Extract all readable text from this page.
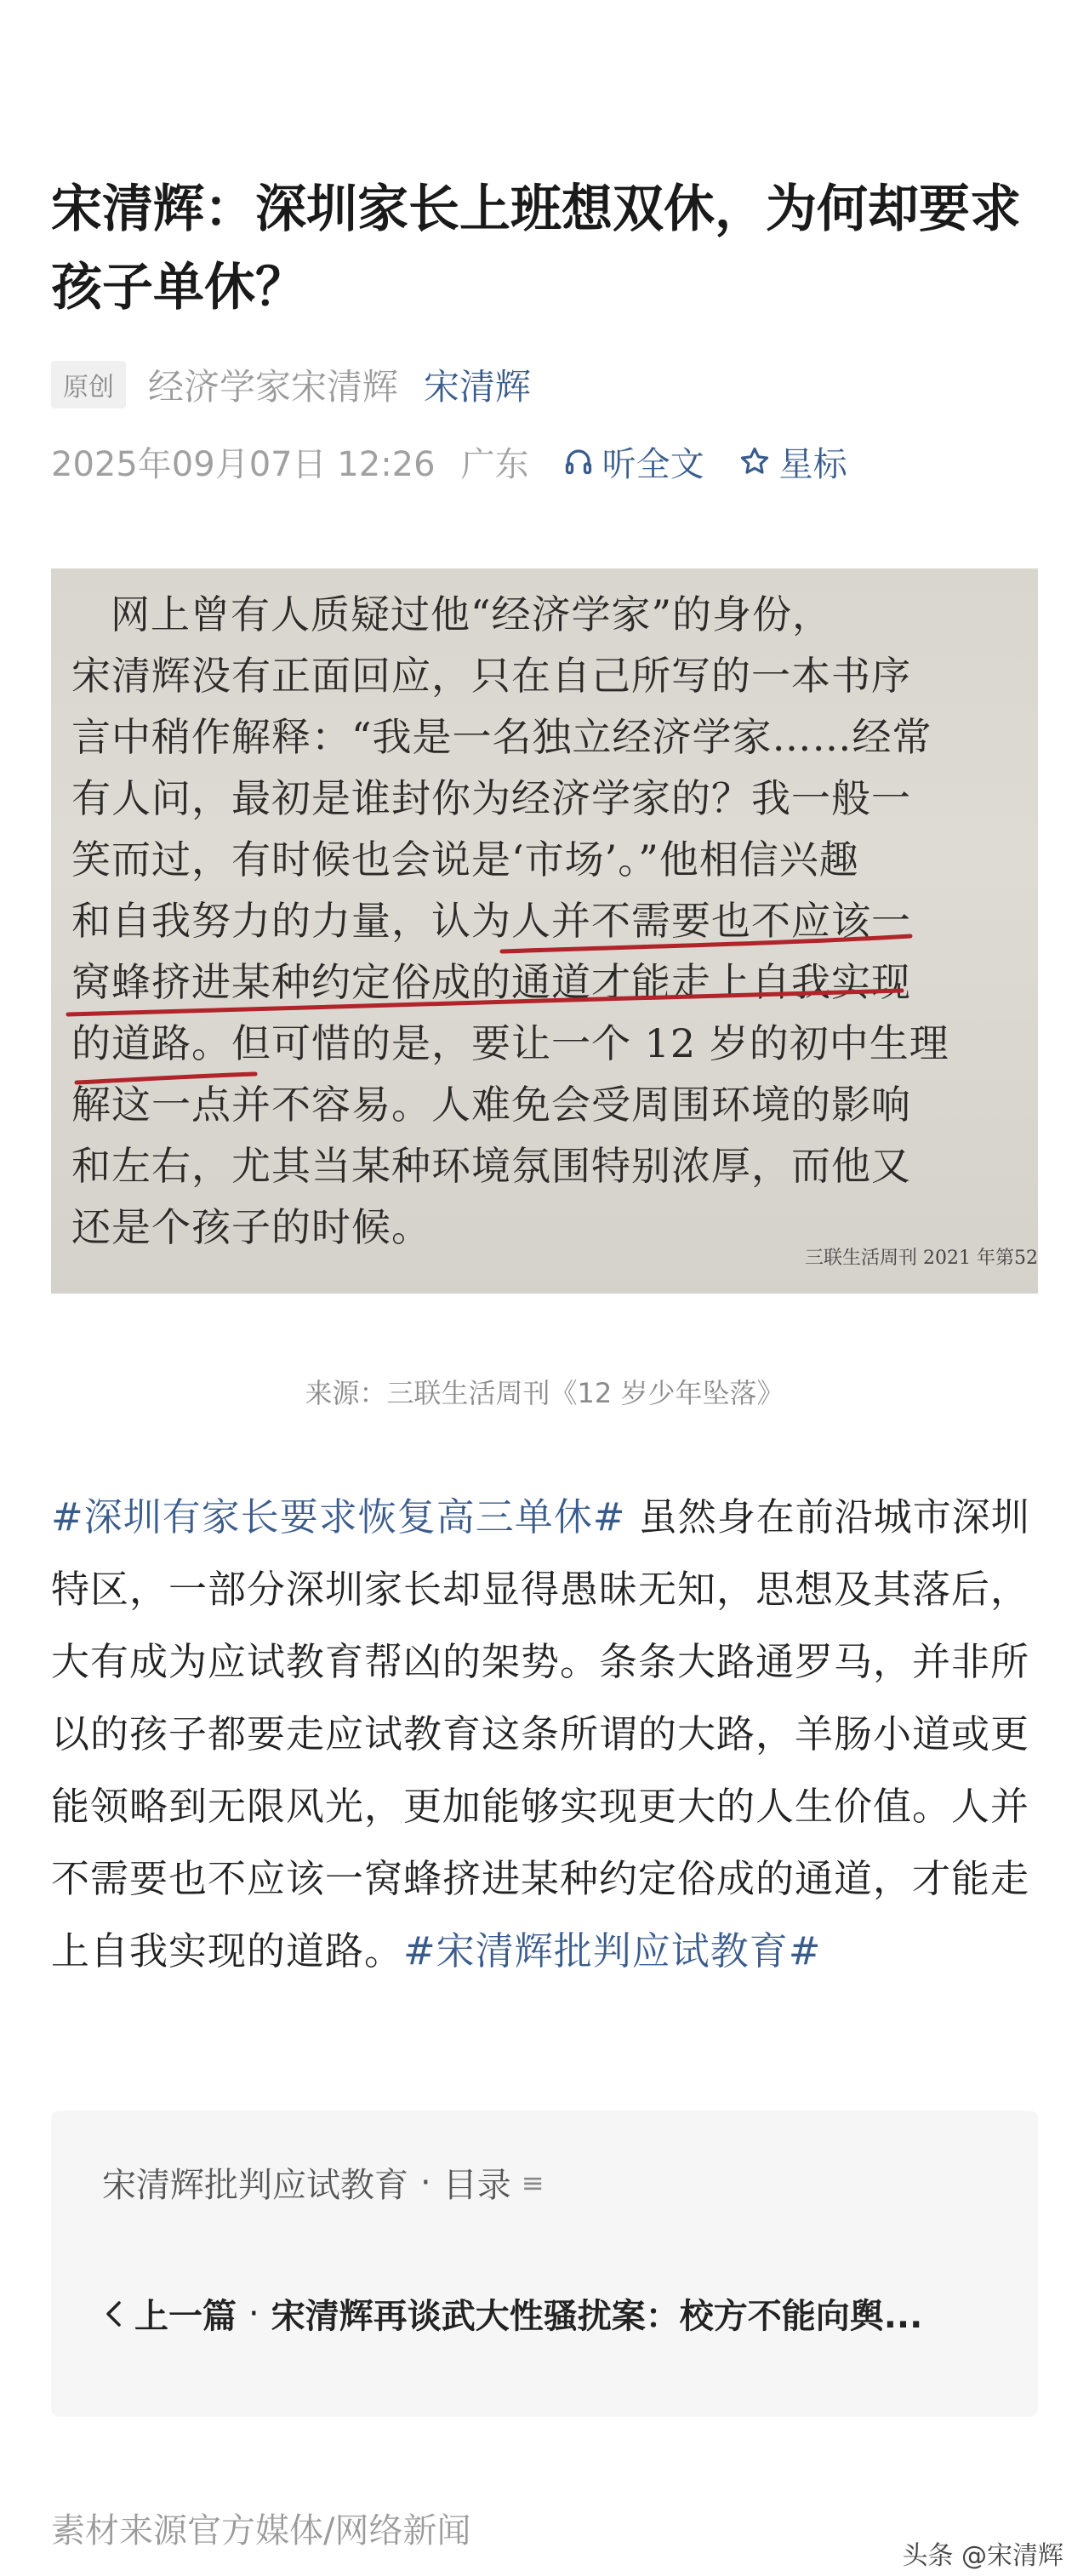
宋清辉：深圳家长上班想双休，为何却要求孩子单休？
原创 经济学家宋清辉 宋清辉
2025年09月07日 12:26 广东 听全文 星标
网上曾有人质疑过他“经济学家”的身份，
宋清辉没有正面回应，只在自己所写的一本书序
言中稍作解释：“我是一名独立经济学家……经常
有人问，最初是谁封你为经济学家的？我一般一
笑而过，有时候也会说是‘市场’。”他相信兴趣
和自我努力的力量，认为人并不需要也不应该一
窝蜂挤进某种约定俗成的通道才能走上自我实现
的道路。但可惜的是，要让一个 12 岁的初中生理
解这一点并不容易。人难免会受周围环境的影响
和左右，尤其当某种环境氛围特别浓厚，而他又
还是个孩子的时候。
三联生活周刊 2021 年第52
来源：三联生活周刊《12 岁少年坠落》

#深圳有家长要求恢复高三单休# 虽然身在前沿城市深圳特区，一部分深圳家长却显得愚昧无知，思想及其落后，大有成为应试教育帮凶的架势。条条大路通罗马，并非所以的孩子都要走应试教育这条所谓的大路，羊肠小道或更能领略到无限风光，更加能够实现更大的人生价值。人并不需要也不应该一窝蜂挤进某种约定俗成的通道，才能走上自我实现的道路。#宋清辉批判应试教育#

宋清辉批判应试教育 · 目录 ≡
上一篇 · 宋清辉再谈武大性骚扰案：校方不能向舆...
素材来源官方媒体/网络新闻
头条 @宋清辉
